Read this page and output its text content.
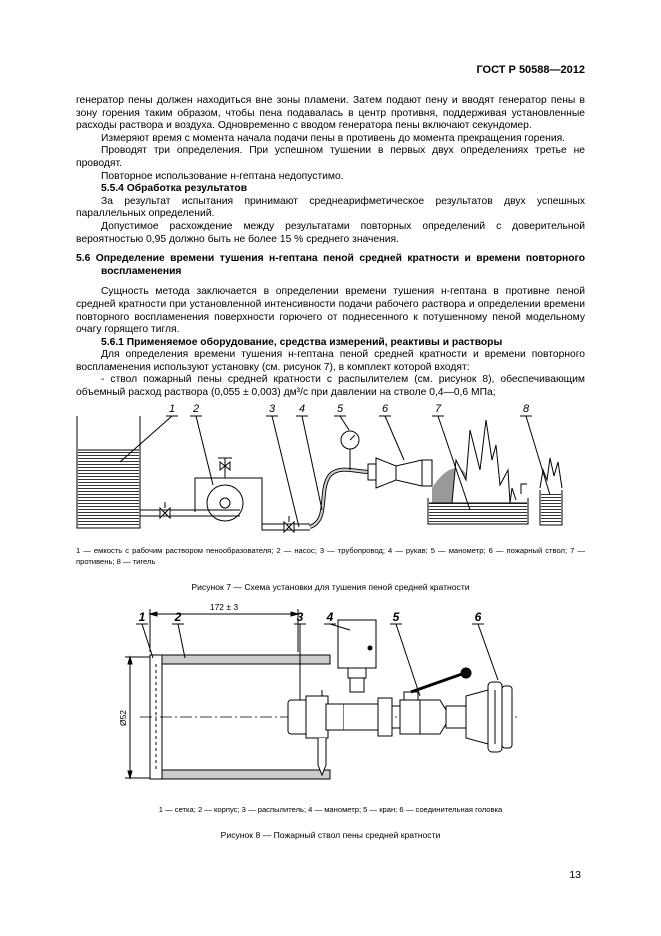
ГОСТ Р 50588—2012

генератор пены должен находиться вне зоны пламени. Затем подают пену и вводят генератор пены в зону горения таким образом, чтобы пена подавалась в центр противня, поддерживая установленные расходы раствора и воздуха. Одновременно с вводом генератора пены включают секундомер.

Измеряют время с момента начала подачи пены в противень до момента прекращения горения.

Проводят три определения. При успешном тушении в первых двух определениях третье не проводят.

Повторное использование н-гептана недопустимо.

5.5.4 Обработка результатов

За результат испытания принимают среднеарифметическое результатов двух успешных параллельных определений.

Допустимое расхождение между результатами повторных определений с доверительной вероятностью 0,95 должно быть не более 15 % среднего значения.

5.6 Определение времени тушения н-гептана пеной средней кратности и времени повторного воспламенения

Сущность метода заключается в определении времени тушения н-гептана в противне пеной средней кратности при установленной интенсивности подачи рабочего раствора и определении времени повторного воспламенения поверхности горючего от поднесенного к потушенному пеной модельному очагу горящего тигля.

5.6.1 Применяемое оборудование, средства измерений, реактивы и растворы

Для определения времени тушения н-гептана пеной средней кратности и времени повторного воспламенения используют установку (см. рисунок 7), в комплект которой входят:

- ствол пожарный пены средней кратности с распылителем (см. рисунок 8), обеспечивающим объемный расход раствора (0,055 ± 0,003) дм³/с при давлении на стволе 0,4—0,6 МПа;

1 2	3 4	5	6	7	8
1 — емкость с рабочим раствором пенообразователя; 2 — насос; 3 — трубопровод; 4 — рукав; 5 — манометр; 6 — пожарный ствол; 7 — противень; 8 — тигель
Рисунок 7 — Схема установки для тушения пеной средней кратности
1 2	3 4	5	6
172 ± 3
Ø52
1 — сетка; 2 — корпус; 3 — распылитель; 4 — манометр; 5 — кран; 6 — соединительная головка
Рисунок 8 — Пожарный ствол пены средней кратности
13
